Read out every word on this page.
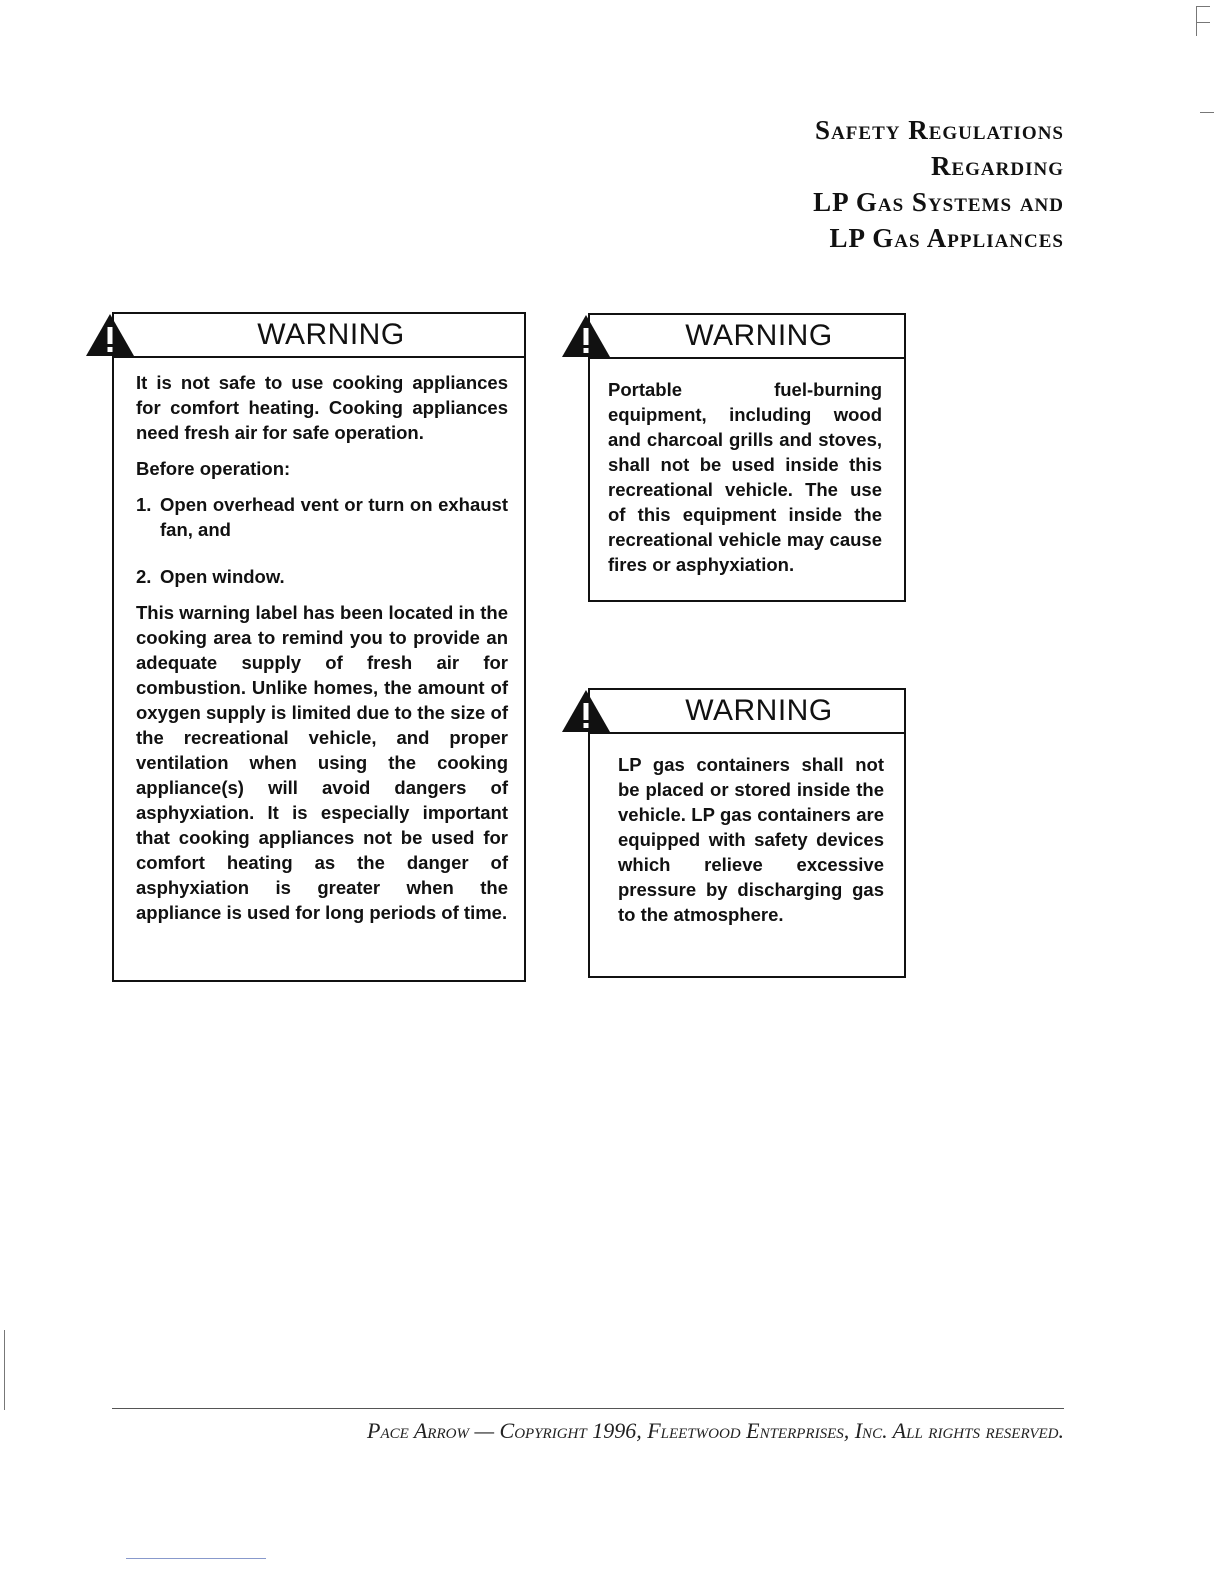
Safety Regulations
Regarding
LP Gas Systems and
LP Gas Appliances
WARNING

It is not safe to use cooking appliances for comfort heating. Cooking appliances need fresh air for safe operation.

Before operation:

1. Open overhead vent or turn on exhaust fan, and
2. Open window.

This warning label has been located in the cooking area to remind you to provide an adequate supply of fresh air for combustion. Unlike homes, the amount of oxygen supply is limited due to the size of the recreational vehicle, and proper ventilation when using the cooking appliance(s) will avoid dangers of asphyxiation. It is especially important that cooking appliances not be used for comfort heating as the danger of asphyxiation is greater when the appliance is used for long periods of time.

WARNING

Portable fuel-burning equipment, including wood and charcoal grills and stoves, shall not be used inside this recreational vehicle. The use of this equipment inside the recreational vehicle may cause fires or asphyxiation.

WARNING

LP gas containers shall not be placed or stored inside the vehicle. LP gas containers are equipped with safety devices which relieve excessive pressure by discharging gas to the atmosphere.

Pace Arrow — Copyright 1996, Fleetwood Enterprises, Inc. All rights reserved.
